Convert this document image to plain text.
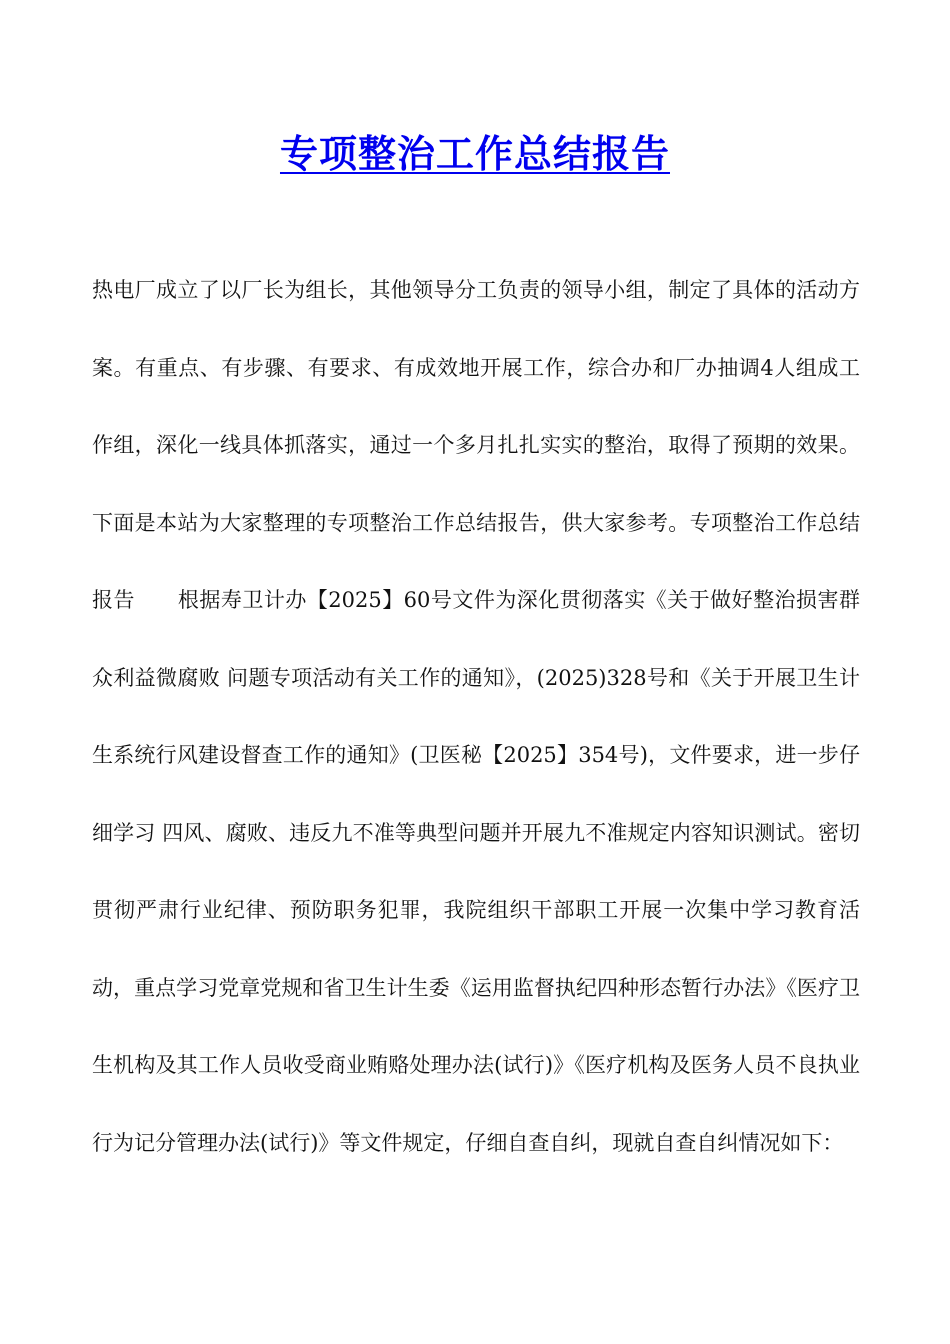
专项整治工作总结报告

热电厂成立了以厂长为组长，其他领导分工负责的领导小组，制定了具体的活动方案。有重点、有步骤、有要求、有成效地开展工作，综合办和厂办抽调4人组成工作组，深化一线具体抓落实，通过一个多月扎扎实实的整治，取得了预期的效果。下面是本站为大家整理的专项整治工作总结报告，供大家参考。专项整治工作总结报告　　根据寿卫计办【2025】60号文件为深化贯彻落实《关于做好整治损害群众利益微腐败 问题专项活动有关工作的通知》，(2025)328号和《关于开展卫生计生系统行风建设督查工作的通知》(卫医秘【2025】354号)，文件要求，进一步仔细学习 四风、腐败、违反九不准等典型问题并开展九不准规定内容知识测试。密切贯彻严肃行业纪律、预防职务犯罪，我院组织干部职工开展一次集中学习教育活动，重点学习党章党规和省卫生计生委《运用监督执纪四种形态暂行办法》《医疗卫生机构及其工作人员收受商业贿赂处理办法(试行)》《医疗机构及医务人员不良执业行为记分管理办法(试行)》等文件规定，仔细自查自纠，现就自查自纠情况如下：
